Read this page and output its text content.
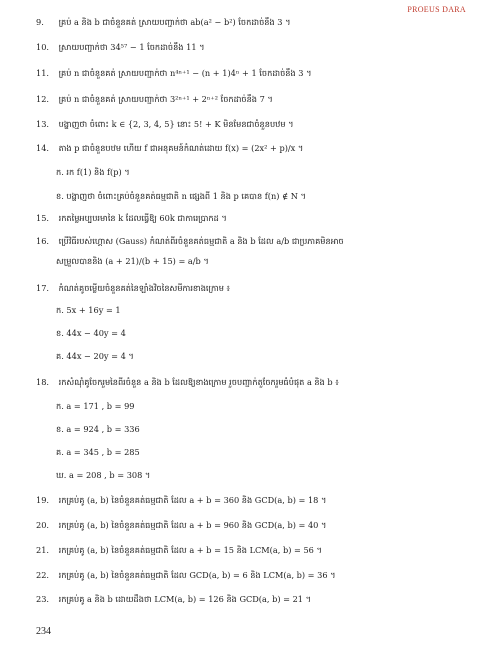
PROEUS DARA
9. គ្រប់ a និង b ជាចំនួនគត់ ស្រាយបញ្ជាក់ថា ab(a² − b²) ចែកដាច់នឹង 3 ។
10. ស្រាយបញ្ជាក់ថា 34⁵⁷ − 1 ចែកដាច់នឹង 11 ។
11. គ្រប់ n ជាចំនួនគត់ ស្រាយបញ្ជាក់ថា n⁴ⁿ⁺¹ − (n + 1)4ⁿ + 1 ចែកដាច់នឹង 3 ។
12. គ្រប់ n ជាចំនួនគត់ ស្រាយបញ្ជាក់ថា 3²ⁿ⁺¹ + 2ⁿ⁺² ចែកដាច់នឹង 7 ។
13. បង្ហាញថា ចំពោះ k ∈ {2, 3, 4, 5} នោះ 5! + K មិនមែនជាចំនួនបឋម ។
14. តាង p ជាចំនួនបឋម ហើយ f ជាអនុគមន៍កំណត់ដោយ f(x) = (2x² + p)/x ។
ក. រក f(1) និង f(p) ។
ខ. បង្ហាញថា ចំពោះគ្រប់ចំនួនគត់ធម្មជាតិ n ផ្សេងពី 1 និង p គេបាន f(n) ∉ N ។
15. រកតម្លៃអប្បបរមានៃ k ដែលធ្វើឱ្យ 60k ជាការេប្រាកដ ។
16. ប្រើវិធីរបស់ហ្គោស (Gauss) កំណត់ពីរចំនួនគត់ធម្មជាតិ a និង b ដែល a/b ជាប្រភាគមិនអាច
សម្រួលបាននិង (a + 21)/(b + 15) = a/b ។
17. កំណត់គូចម្លើយចំនួនគត់នៃឡាំងវិចនៃសមីការខាងក្រោម ៖
ក. 5x + 16y = 1
ខ. 44x − 40y = 4
គ. 44x − 20y = 4 ។
18. រកសំណុំគូចែករួមនៃពីរចំនួន a និង b ដែលឱ្យខាងក្រោម រួចបញ្ជាក់តួចែករួមធំបំផុត a និង b ៖
ក. a = 171 , b = 99
ខ. a = 924 , b = 336
គ. a = 345 , b = 285
ឃ. a = 208 , b = 308 ។
19. រកគ្រប់គូ (a, b) នៃចំនួនគត់ធម្មជាតិ ដែល a + b = 360 និង GCD(a, b) = 18 ។
20. រកគ្រប់គូ (a, b) នៃចំនួនគត់ធម្មជាតិ ដែល a + b = 960 និង GCD(a, b) = 40 ។
21. រកគ្រប់គូ (a, b) នៃចំនួនគត់ធម្មជាតិ ដែល a + b = 15 និង LCM(a, b) = 56 ។
22. រកគ្រប់គូ (a, b) នៃចំនួនគត់ធម្មជាតិ ដែល GCD(a, b) = 6 និង LCM(a, b) = 36 ។
23. រកគ្រប់គូ a និង b ដោយដឹងថា LCM(a, b) = 126 និង GCD(a, b) = 21 ។
234
